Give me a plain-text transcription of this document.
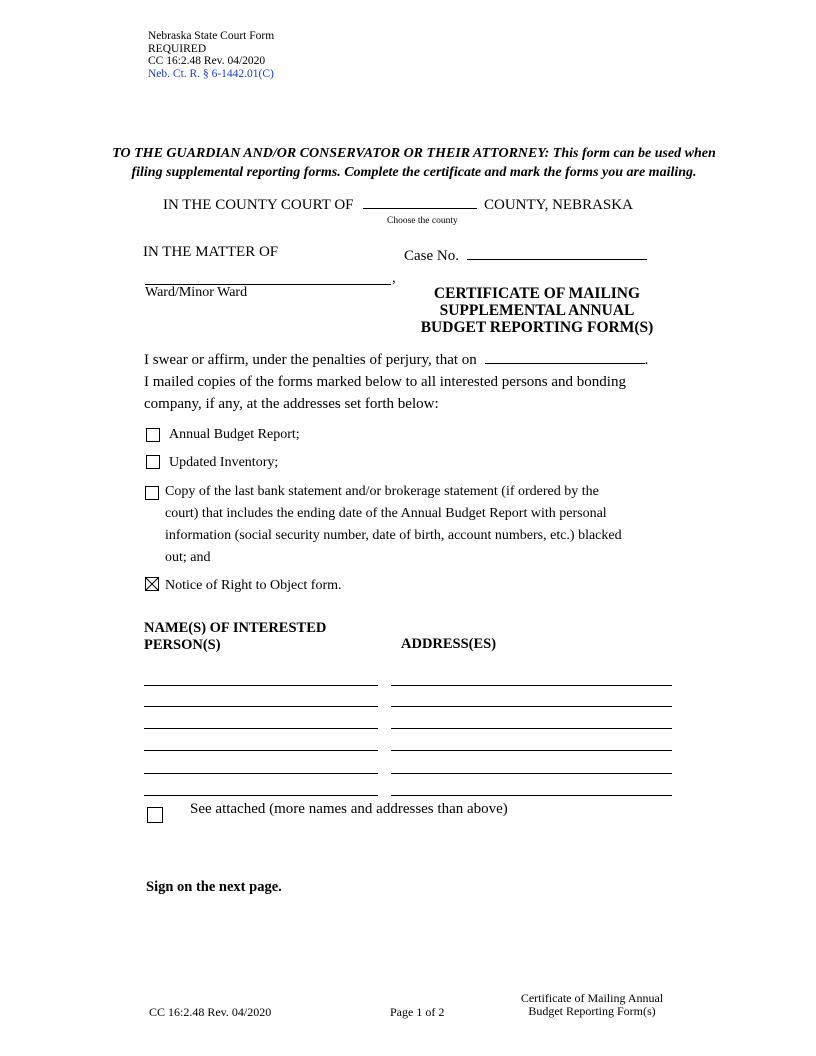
Nebraska State Court Form
REQUIRED
CC 16:2.48 Rev. 04/2020
Neb. Ct. R. § 6-1442.01(C)
TO THE GUARDIAN AND/OR CONSERVATOR OR THEIR ATTORNEY: This form can be used when
filing supplemental reporting forms. Complete the certificate and mark the forms you are mailing.
IN THE COUNTY COURT OF	COUNTY, NEBRASKA
Choose the county
IN THE MATTER OF	Case No.
,
Ward/Minor Ward	CERTIFICATE OF MAILING
SUPPLEMENTAL ANNUAL
BUDGET REPORTING FORM(S)
I swear or affirm, under the penalties of perjury, that on	.
I mailed copies of the forms marked below to all interested persons and bonding
company, if any, at the addresses set forth below:
Annual Budget Report;
Updated Inventory;
Copy of the last bank statement and/or brokerage statement (if ordered by the
court) that includes the ending date of the Annual Budget Report with personal
information (social security number, date of birth, account numbers, etc.) blacked
out; and
Notice of Right to Object form.
NAME(S) OF INTERESTED
PERSON(S)	ADDRESS(ES)
See attached (more names and addresses than above)
Sign on the next page.
CC 16:2.48 Rev. 04/2020	Page 1 of 2
Certificate of Mailing Annual
Budget Reporting Form(s)
